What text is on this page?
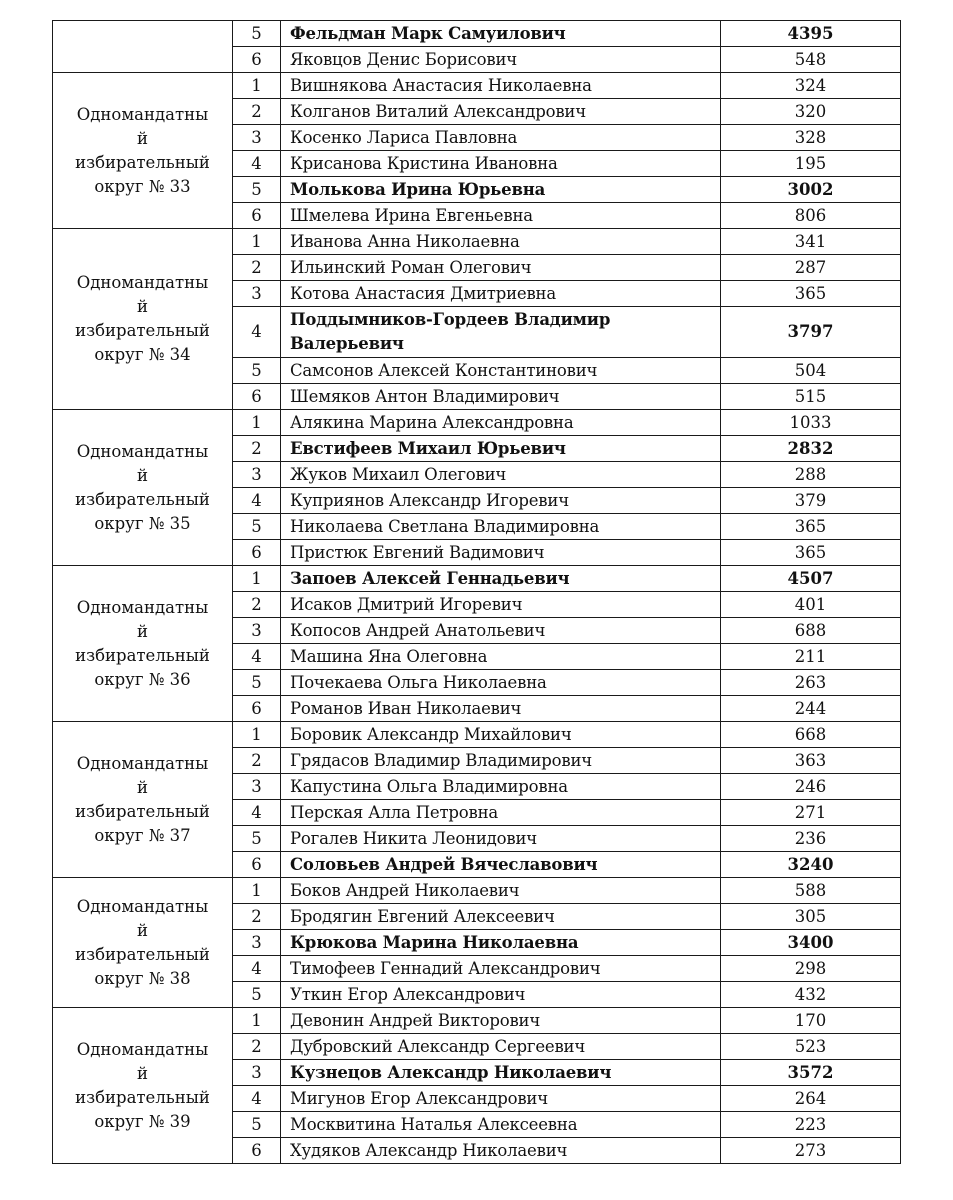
	5	Фельдман Марк Самуилович	4395
	6	Яковцов Денис Борисович	548

Одномандатны
й
избирательный
округ № 33	1	Вишнякова Анастасия Николаевна	324
	2	Колганов Виталий Александрович	320
	3	Косенко Лариса Павловна	328
	4	Крисанова Кристина Ивановна	195
	5	Молькова Ирина Юрьевна	3002
	6	Шмелева Ирина Евгеньевна	806

Одномандатны
й
избирательный
округ № 34	1	Иванова Анна Николаевна	341
	2	Ильинский Роман Олегович	287
	3	Котова Анастасия Дмитриевна	365
	4	Поддымников-Гордеев Владимир Валерьевич	3797
	5	Самсонов Алексей Константинович	504
	6	Шемяков Антон Владимирович	515

Одномандатны
й
избирательный
округ № 35	1	Алякина Марина Александровна	1033
	2	Евстифеев Михаил Юрьевич	2832
	3	Жуков Михаил Олегович	288
	4	Куприянов Александр Игоревич	379
	5	Николаева Светлана Владимировна	365
	6	Пристюк Евгений Вадимович	365

Одномандатны
й
избирательный
округ № 36	1	Запоев Алексей Геннадьевич	4507
	2	Исаков Дмитрий Игоревич	401
	3	Копосов Андрей Анатольевич	688
	4	Машина Яна Олеговна	211
	5	Почекаева Ольга Николаевна	263
	6	Романов Иван Николаевич	244

Одномандатны
й
избирательный
округ № 37	1	Боровик Александр Михайлович	668
	2	Грядасов Владимир Владимирович	363
	3	Капустина Ольга Владимировна	246
	4	Перская Алла Петровна	271
	5	Рогалев Никита Леонидович	236
	6	Соловьев Андрей Вячеславович	3240

Одномандатны
й
избирательный
округ № 38	1	Боков Андрей Николаевич	588
	2	Бродягин Евгений Алексеевич	305
	3	Крюкова Марина Николаевна	3400
	4	Тимофеев Геннадий Александрович	298
	5	Уткин Егор Александрович	432

Одномандатны
й
избирательный
округ № 39	1	Девонин Андрей Викторович	170
	2	Дубровский Александр Сергеевич	523
	3	Кузнецов Александр Николаевич	3572
	4	Мигунов Егор Александрович	264
	5	Москвитина Наталья Алексеевна	223
	6	Худяков Александр Николаевич	273
